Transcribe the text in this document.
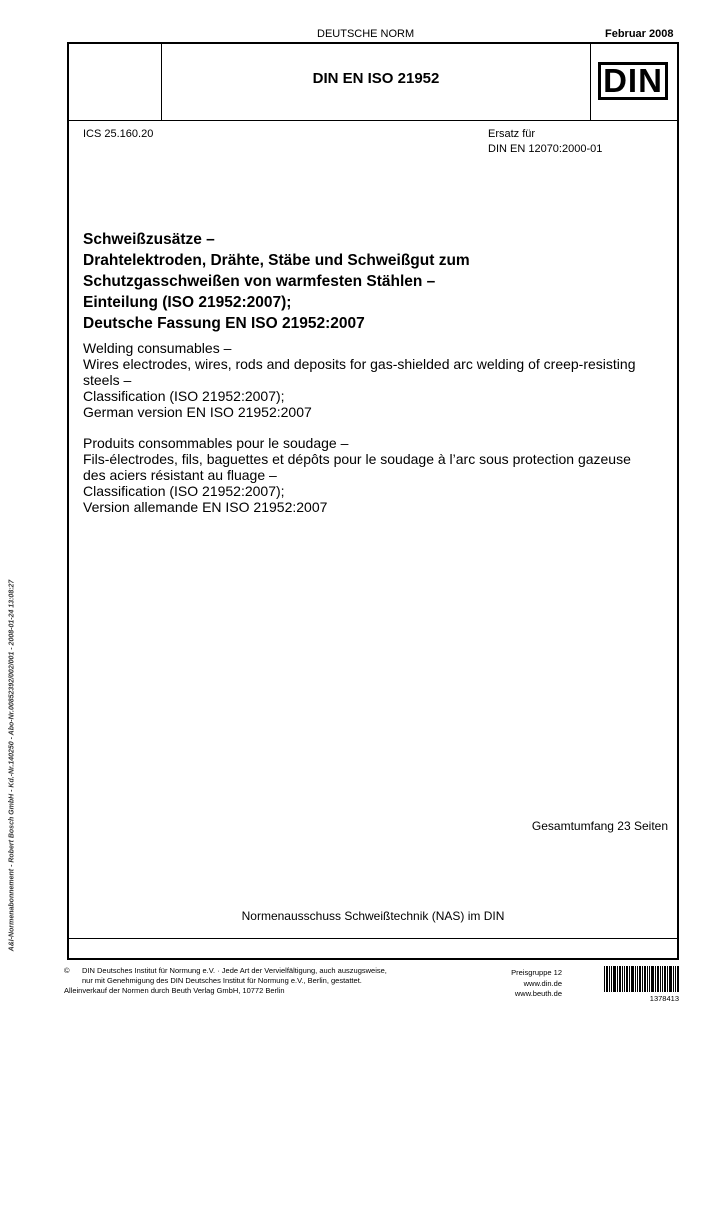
DEUTSCHE NORM	Februar 2008
DIN EN ISO 21952	DIN
ICS 25.160.20	Ersatz für
DIN EN 12070:2000-01
Schweißzusätze –
Drahtelektroden, Drähte, Stäbe und Schweißgut zum
Schutzgasschweißen von warmfesten Stählen –
Einteilung (ISO 21952:2007);
Deutsche Fassung EN ISO 21952:2007
Welding consumables –
Wires electrodes, wires, rods and deposits for gas-shielded arc welding of creep-resisting
steels –
Classification (ISO 21952:2007);
German version EN ISO 21952:2007
Produits consommables pour le soudage –
Fils-électrodes, fils, baguettes et dépôts pour le soudage à l’arc sous protection gazeuse
des aciers résistant au fluage –
Classification (ISO 21952:2007);
Version allemande EN ISO 21952:2007
Gesamtumfang 23 Seiten
Normenausschuss Schweißtechnik (NAS) im DIN
A&I-Normenabonnement - Robert Bosch GmbH - Kd.-Nr.140250 - Abo-Nr.00852392/002/001 - 2008-01-24 13:08:27
© DIN Deutsches Institut für Normung e.V. · Jede Art der Vervielfältigung, auch auszugsweise,
nur mit Genehmigung des DIN Deutsches Institut für Normung e.V., Berlin, gestattet.
Alleinverkauf der Normen durch Beuth Verlag GmbH, 10772 Berlin
Preisgruppe 12
www.din.de
www.beuth.de
1378413
